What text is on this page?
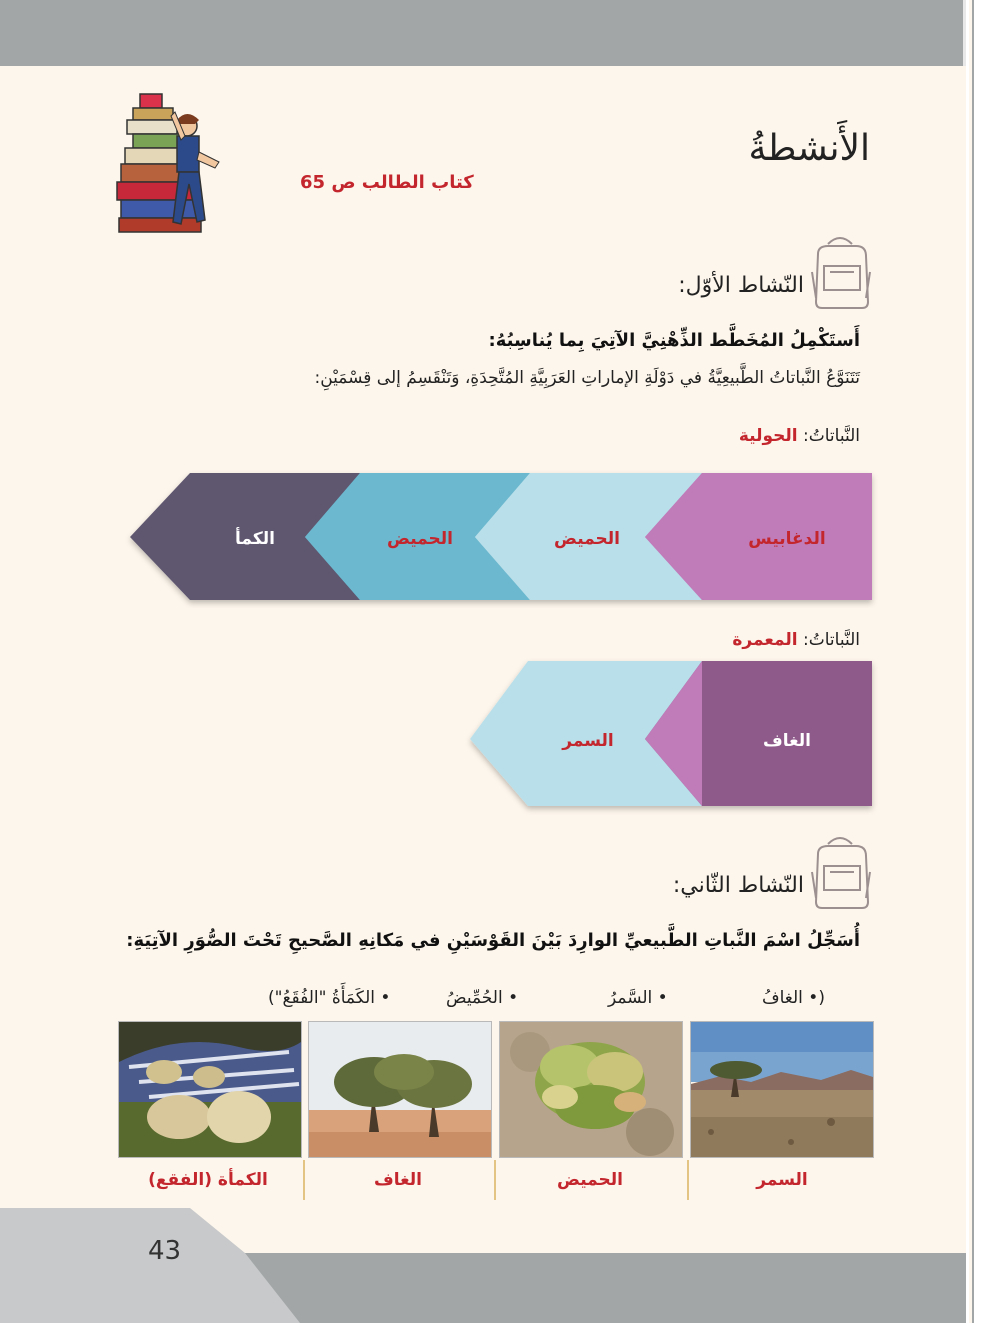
الأَنشطةُ
كتاب الطالب ص 65
النّشاط الأوّل:
أَستَكْمِلُ المُخَطَّط الذِّهْنِيَّ الآتِيَ بِما يُناسِبُهُ:
تَتَنَوَّعُ النَّباتاتُ الطَّبيعِيَّةُ في دَوْلَةِ الإماراتِ العَرَبِيَّةِ المُتَّحِدَةِ، وَتَنْقَسِمُ إلى قِسْمَيْنِ:
النَّباتاتُ: الحولية
الدغابيس
الحميض
الحميض
الكمأ
النَّباتاتُ: المعمرة
الغاف
السمر
النّشاط الثّاني:
أُسَجِّلُ اسْمَ النَّباتِ الطَّبيعيِّ الوارِدَ بَيْنَ القَوْسَيْنِ في مَكانِهِ الصَّحيحِ تَحْتَ الصُّوَرِ الآتِيَةِ:
(• الغافُ
• السَّمرُ
• الحُمِّيضُ
• الكَمَأَةُ "الفُقَعُ")
السمر
الحميض
الغاف
الكمأة (الفقع)
43
